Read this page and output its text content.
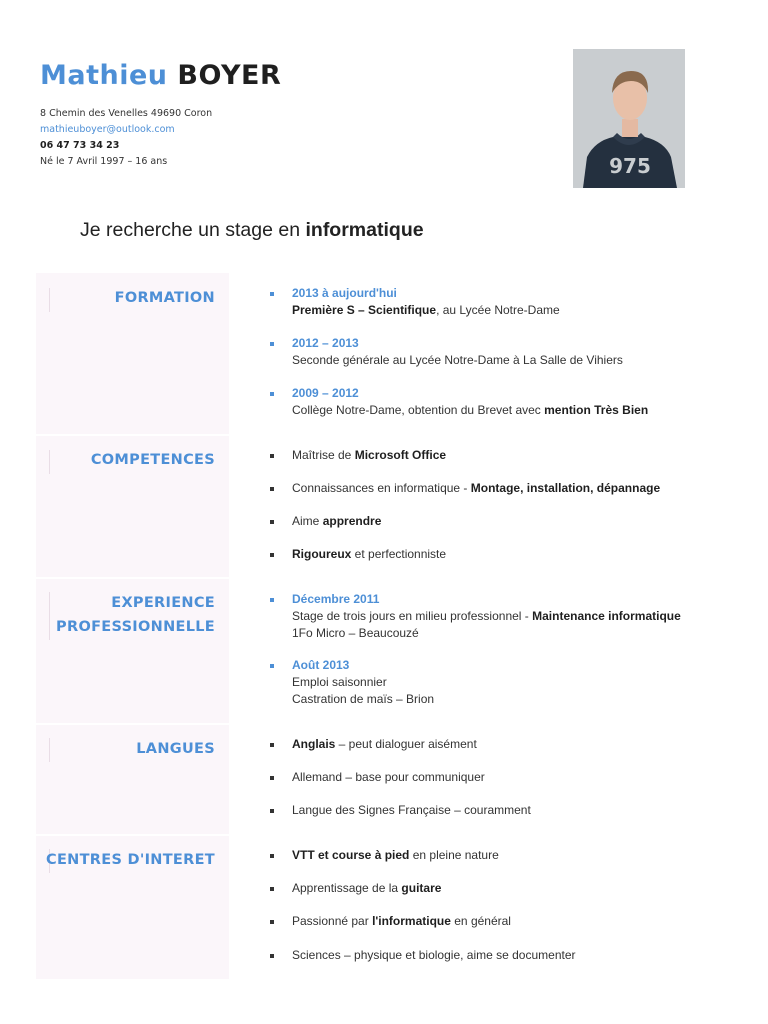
Mathieu BOYER
8 Chemin des Venelles 49690 Coron
mathieuboyer@outlook.com
06 47 73 34 23
Né le 7 Avril 1997 – 16 ans	975
Je recherche un stage en informatique
FORMATION	2013 à aujourd'hui
Première S – Scientifique, au Lycée Notre-Dame
2012 – 2013
Seconde générale au Lycée Notre-Dame à La Salle de Vihiers
2009 – 2012
Collège Notre-Dame, obtention du Brevet avec mention Très Bien
COMPETENCES	Maîtrise de Microsoft Office
Connaissances en informatique - Montage, installation, dépannage
Aime apprendre
Rigoureux et perfectionniste
EXPERIENCE
PROFESSIONNELLE
Décembre 2011
Stage de trois jours en milieu professionnel - Maintenance informatique
1Fo Micro – Beaucouzé
Août 2013
Emploi saisonnier
Castration de maïs – Brion
LANGUES	Anglais – peut dialoguer aisément
Allemand – base pour communiquer
Langue des Signes Française – couramment
CENTRES D'INTERET	VTT et course à pied en pleine nature
Apprentissage de la guitare
Passionné par l'informatique en général
Sciences – physique et biologie, aime se documenter
